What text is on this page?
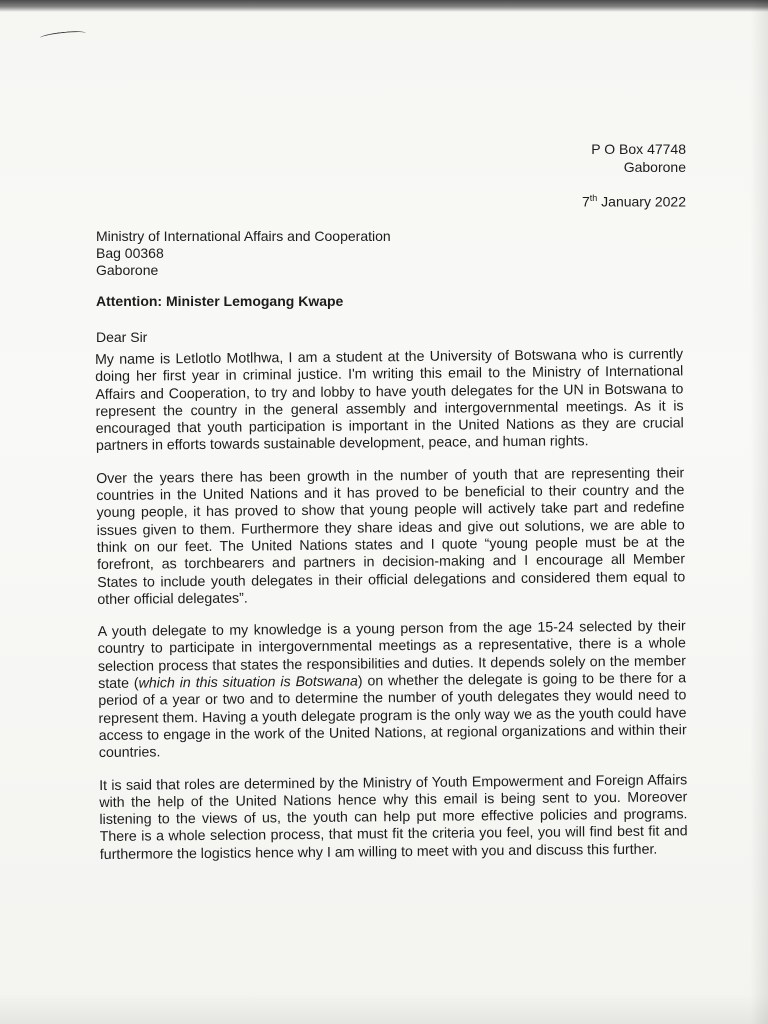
P O Box 47748
Gaborone
7th January 2022
Ministry of International Affairs and Cooperation
Bag 00368
Gaborone
Attention: Minister Lemogang Kwape
Dear Sir

My name is Letlotlo Motlhwa, I am a student at the University of Botswana who is currently doing her first year in criminal justice. I'm writing this email to the Ministry of International Affairs and Cooperation, to try and lobby to have youth delegates for the UN in Botswana to represent the country in the general assembly and intergovernmental meetings. As it is encouraged that youth participation is important in the United Nations as they are crucial partners in efforts towards sustainable development, peace, and human rights.

Over the years there has been growth in the number of youth that are representing their countries in the United Nations and it has proved to be beneficial to their country and the young people, it has proved to show that young people will actively take part and redefine issues given to them. Furthermore they share ideas and give out solutions, we are able to think on our feet. The United Nations states and I quote “young people must be at the forefront, as torchbearers and partners in decision-making and I encourage all Member States to include youth delegates in their official delegations and considered them equal to other official delegates”.

A youth delegate to my knowledge is a young person from the age 15-24 selected by their country to participate in intergovernmental meetings as a representative, there is a whole selection process that states the responsibilities and duties. It depends solely on the member state (which in this situation is Botswana) on whether the delegate is going to be there for a period of a year or two and to determine the number of youth delegates they would need to represent them. Having a youth delegate program is the only way we as the youth could have access to engage in the work of the United Nations, at regional organizations and within their countries.

It is said that roles are determined by the Ministry of Youth Empowerment and Foreign Affairs with the help of the United Nations hence why this email is being sent to you. Moreover listening to the views of us, the youth can help put more effective policies and programs. There is a whole selection process, that must fit the criteria you feel, you will find best fit and furthermore the logistics hence why I am willing to meet with you and discuss this further.
